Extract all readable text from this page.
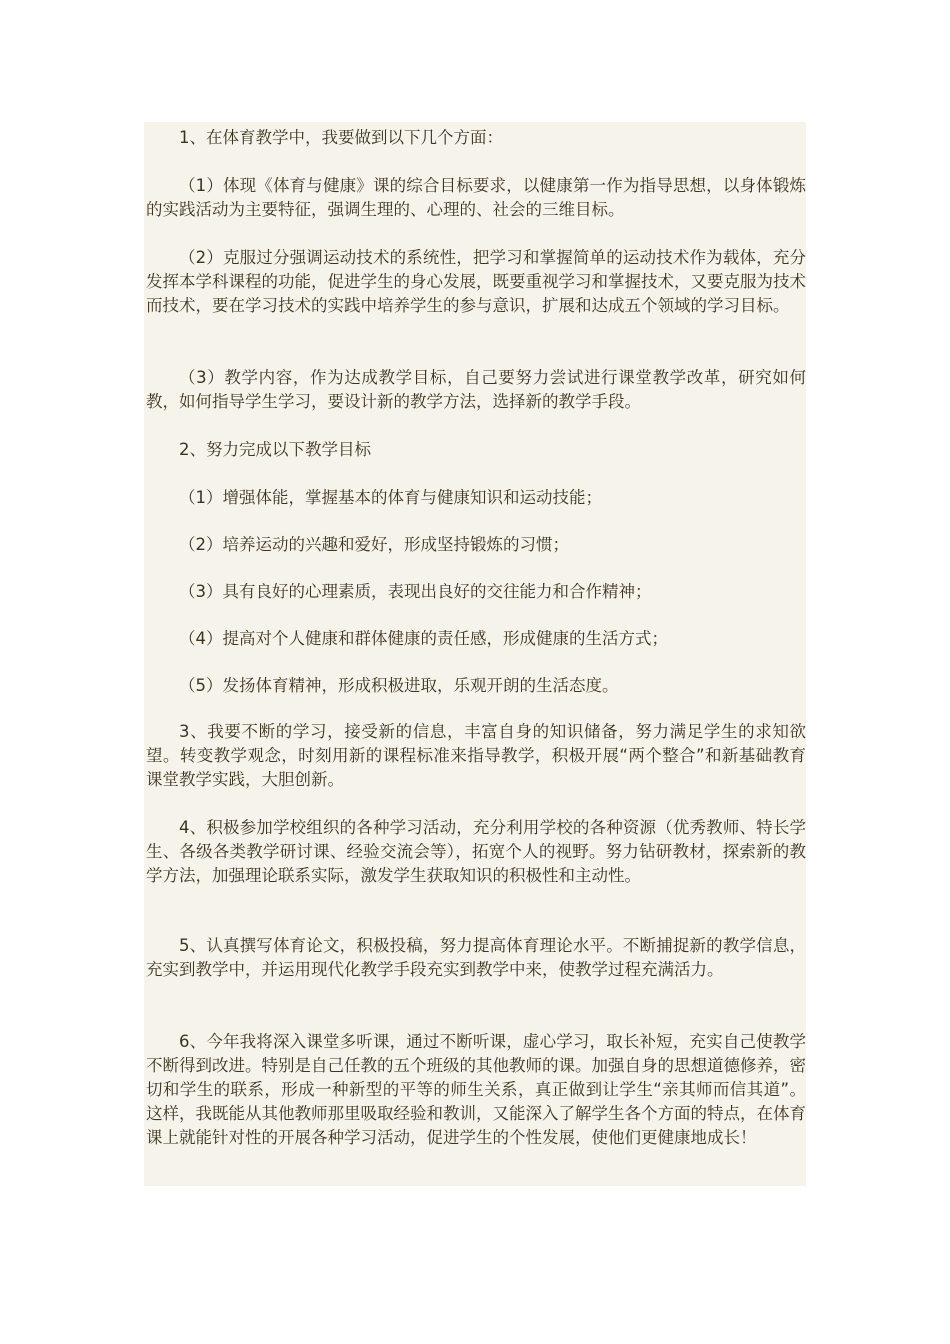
1、在体育教学中，我要做到以下几个方面：
（1）体现《体育与健康》课的综合目标要求，以健康第一作为指导思想，以身体锻炼的实践活动为主要特征，强调生理的、心理的、社会的三维目标。
（2）克服过分强调运动技术的系统性，把学习和掌握简单的运动技术作为载体，充分发挥本学科课程的功能，促进学生的身心发展，既要重视学习和掌握技术，又要克服为技术而技术，要在学习技术的实践中培养学生的参与意识，扩展和达成五个领域的学习目标。
（3）教学内容，作为达成教学目标，自己要努力尝试进行课堂教学改革，研究如何教，如何指导学生学习，要设计新的教学方法，选择新的教学手段。
2、努力完成以下教学目标
（1）增强体能，掌握基本的体育与健康知识和运动技能；
（2）培养运动的兴趣和爱好，形成坚持锻炼的习惯；
（3）具有良好的心理素质，表现出良好的交往能力和合作精神；
（4）提高对个人健康和群体健康的责任感，形成健康的生活方式；
（5）发扬体育精神，形成积极进取，乐观开朗的生活态度。
3、我要不断的学习，接受新的信息，丰富自身的知识储备，努力满足学生的求知欲望。转变教学观念，时刻用新的课程标准来指导教学，积极开展“两个整合”和新基础教育课堂教学实践，大胆创新。
4、积极参加学校组织的各种学习活动，充分利用学校的各种资源（优秀教师、特长学生、各级各类教学研讨课、经验交流会等），拓宽个人的视野。努力钻研教材，探索新的教学方法，加强理论联系实际，激发学生获取知识的积极性和主动性。
5、认真撰写体育论文，积极投稿，努力提高体育理论水平。不断捕捉新的教学信息，充实到教学中，并运用现代化教学手段充实到教学中来，使教学过程充满活力。
6、今年我将深入课堂多听课，通过不断听课，虚心学习，取长补短，充实自己使教学不断得到改进。特别是自己任教的五个班级的其他教师的课。加强自身的思想道德修养，密切和学生的联系，形成一种新型的平等的师生关系，真正做到让学生“亲其师而信其道”。这样，我既能从其他教师那里吸取经验和教训，又能深入了解学生各个方面的特点，在体育课上就能针对性的开展各种学习活动，促进学生的个性发展，使他们更健康地成长！
